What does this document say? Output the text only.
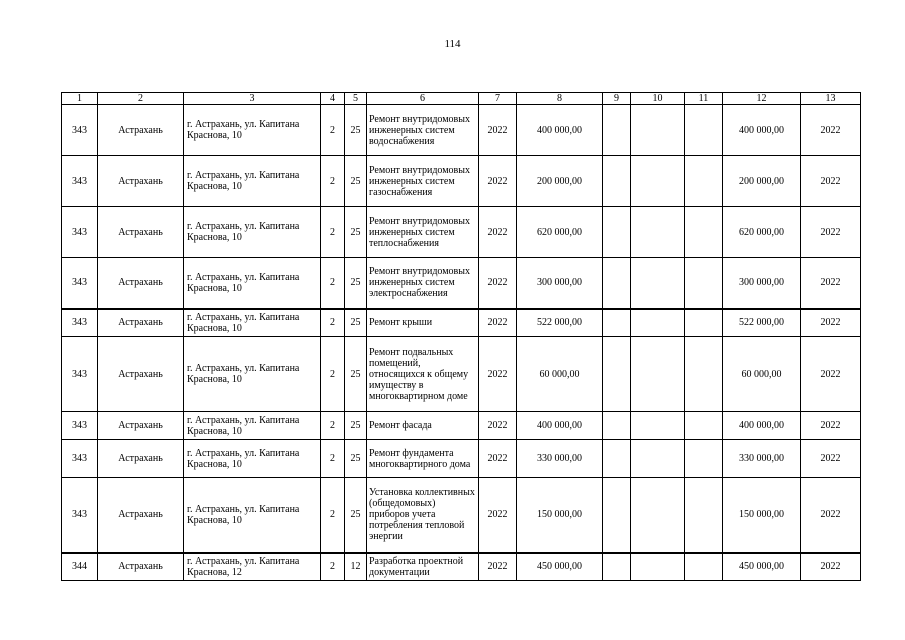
114
1	2	3	4	5	6	7	8	9	10	11	12	13
343	Астрахань	г. Астрахань, ул. Капитана Краснова, 10	2	25	Ремонт внутридомовых инженерных систем водоснабжения	2022	400 000,00				400 000,00	2022
343	Астрахань	г. Астрахань, ул. Капитана Краснова, 10	2	25	Ремонт внутридомовых инженерных систем газоснабжения	2022	200 000,00				200 000,00	2022
343	Астрахань	г. Астрахань, ул. Капитана Краснова, 10	2	25	Ремонт внутридомовых инженерных систем теплоснабжения	2022	620 000,00				620 000,00	2022
343	Астрахань	г. Астрахань, ул. Капитана Краснова, 10	2	25	Ремонт внутридомовых инженерных систем электроснабжения	2022	300 000,00				300 000,00	2022
343	Астрахань	г. Астрахань, ул. Капитана Краснова, 10	2	25	Ремонт крыши	2022	522 000,00				522 000,00	2022
343	Астрахань	г. Астрахань, ул. Капитана Краснова, 10	2	25	Ремонт подвальных помещений, относящихся к общему имуществу в многоквартирном доме	2022	60 000,00				60 000,00	2022
343	Астрахань	г. Астрахань, ул. Капитана Краснова, 10	2	25	Ремонт фасада	2022	400 000,00				400 000,00	2022
343	Астрахань	г. Астрахань, ул. Капитана Краснова, 10	2	25	Ремонт фундамента многоквартирного дома	2022	330 000,00				330 000,00	2022
343	Астрахань	г. Астрахань, ул. Капитана Краснова, 10	2	25	Установка коллективных (общедомовых) приборов учета потребления тепловой энергии	2022	150 000,00				150 000,00	2022
344	Астрахань	г. Астрахань, ул. Капитана Краснова, 12	2	12	Разработка проектной документации	2022	450 000,00				450 000,00	2022
